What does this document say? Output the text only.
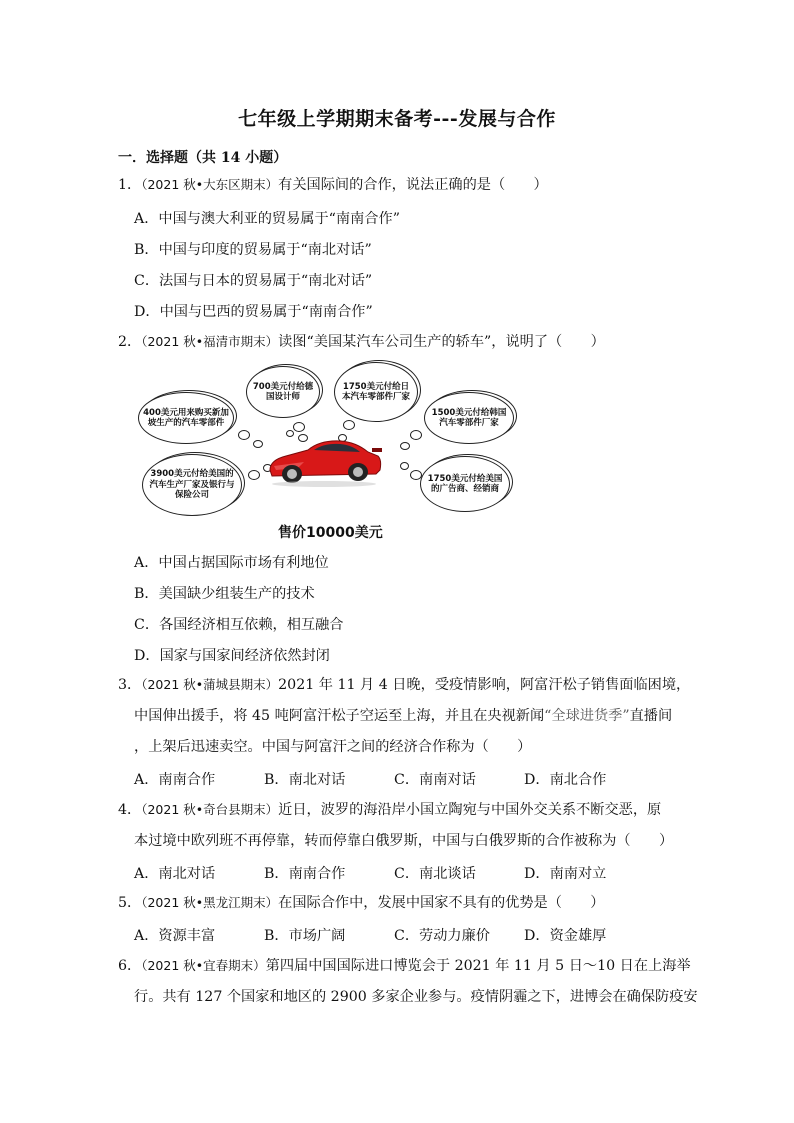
七年级上学期期末备考---发展与合作
一．选择题（共 14 小题）
1．（2021 秋•大东区期末）有关国际间的合作，说法正确的是（　　）
A．中国与澳大利亚的贸易属于“南南合作”
B．中国与印度的贸易属于“南北对话”
C．法国与日本的贸易属于“南北对话”
D．中国与巴西的贸易属于“南南合作”
2．（2021 秋•福清市期末）读图“美国某汽车公司生产的轿车”，说明了（　　）
700美元付给德国设计师
1750美元付给日本汽车零部件厂家
400美元用来购买新加坡生产的汽车零部件
1500美元付给韩国汽车零部件厂家
3900美元付给美国的汽车生产厂家及银行与保险公司
1750美元付给美国的广告商、经销商
售价10000美元
A．中国占据国际市场有利地位
B．美国缺少组装生产的技术
C．各国经济相互依赖，相互融合
D．国家与国家间经济依然封闭
3．（2021 秋•蒲城县期末）2021 年 11 月 4 日晚，受疫情影响，阿富汗松子销售面临困境，
中国伸出援手，将 45 吨阿富汗松子空运至上海，并且在央视新闻“全球进货季”直播间
，上架后迅速卖空。中国与阿富汗之间的经济合作称为（　　）
A．南南合作	B．南北对话	C．南南对话	D．南北合作
4．（2021 秋•奇台县期末）近日，波罗的海沿岸小国立陶宛与中国外交关系不断交恶，原
本过境中欧列班不再停靠，转而停靠白俄罗斯，中国与白俄罗斯的合作被称为（　　）
A．南北对话	B．南南合作	C．南北谈话	D．南南对立
5．（2021 秋•黑龙江期末）在国际合作中，发展中国家不具有的优势是（　　）
A．资源丰富	B．市场广阔	C．劳动力廉价	D．资金雄厚
6．（2021 秋•宜春期末）第四届中国国际进口博览会于 2021 年 11 月 5 日～10 日在上海举
行。共有 127 个国家和地区的 2900 多家企业参与。疫情阴霾之下，进博会在确保防疫安
